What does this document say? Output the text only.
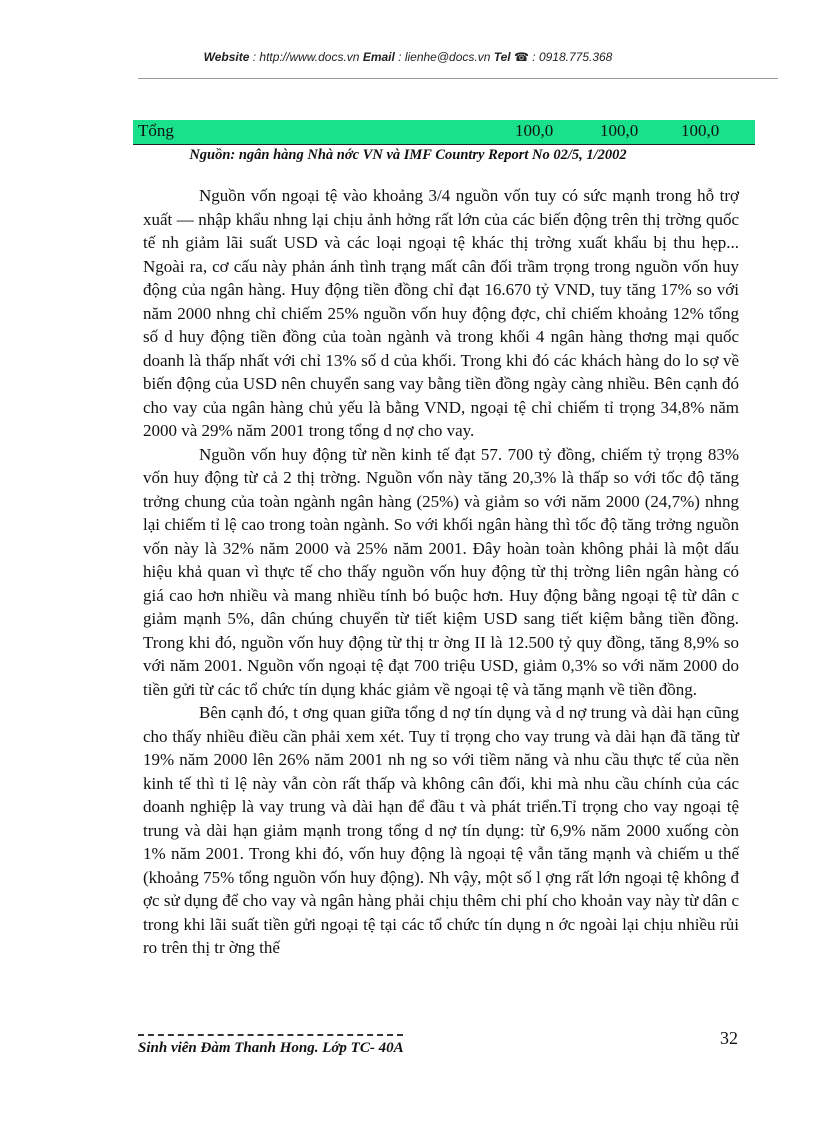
Website : http://www.docs.vn Email : lienhe@docs.vn Tel ☎ : 0918.775.368
Tổng	100,0	100,0	100,0
Nguồn: ngân hàng Nhà nớc VN và IMF Country Report No 02/5, 1/2002

Nguồn vốn ngoại tệ vào khoảng 3/4 nguồn vốn tuy có sức mạnh trong hỗ trợ xuất — nhập khẩu nhng lại chịu ảnh hởng rất lớn của các biến động trên thị trờng quốc tế nh giảm lãi suất USD và các loại ngoại tệ khác thị trờng xuất khẩu bị thu hẹp... Ngoài ra, cơ cấu này phản ánh tình trạng mất cân đối trầm trọng trong nguồn vốn huy động của ngân hàng. Huy động tiền đồng chỉ đạt 16.670 tỷ VND, tuy tăng 17% so với năm 2000 nhng chỉ chiếm 25% nguồn vốn huy động đợc, chỉ chiếm khoảng 12% tổng số d huy động tiền đồng của toàn ngành và trong khối 4 ngân hàng thơng mại quốc doanh là thấp nhất với chỉ 13% số d của khối. Trong khi đó các khách hàng do lo sợ về biến động của USD nên chuyển sang vay bằng tiền đồng ngày càng nhiều. Bên cạnh đó cho vay của ngân hàng chủ yếu là bằng VND, ngoại tệ chỉ chiếm tỉ trọng 34,8% năm 2000 và 29% năm 2001 trong tổng d nợ cho vay.

Nguồn vốn huy động từ nền kinh tế đạt 57. 700 tỷ đồng, chiếm tỷ trọng 83% vốn huy động từ cả 2 thị trờng. Nguồn vốn này tăng 20,3% là thấp so với tốc độ tăng trởng chung của toàn ngành ngân hàng (25%) và giảm so với năm 2000 (24,7%) nhng lại chiếm tỉ lệ cao trong toàn ngành. So với khối ngân hàng thì tốc độ tăng trởng nguồn vốn này là 32% năm 2000 và 25% năm 2001. Đây hoàn toàn không phải là một dấu hiệu khả quan vì thực tế cho thấy nguồn vốn huy động từ thị trờng liên ngân hàng có giá cao hơn nhiều và mang nhiều tính bó buộc hơn. Huy động bằng ngoại tệ từ dân c giảm mạnh 5%, dân chúng chuyển từ tiết kiệm USD sang tiết kiệm bằng tiền đồng. Trong khi đó, nguồn vốn huy động từ thị tr ờng II là 12.500 tỷ quy đồng, tăng 8,9% so với năm 2001. Nguồn vốn ngoại tệ đạt 700 triệu USD, giảm 0,3% so với năm 2000 do tiền gửi từ các tổ chức tín dụng khác giảm về ngoại tệ và tăng mạnh về tiền đồng.

Bên cạnh đó, t ơng quan giữa tổng d nợ tín dụng và d nợ trung và dài hạn cũng cho thấy nhiều điều cần phải xem xét. Tuy tỉ trọng cho vay trung và dài hạn đã tăng từ 19% năm 2000 lên 26% năm 2001 nh ng so với tiềm năng và nhu cầu thực tế của nền kinh tế thì tỉ lệ này vẫn còn rất thấp và không cân đối, khi mà nhu cầu chính của các doanh nghiệp là vay trung và dài hạn để đầu t và phát triển.Tỉ trọng cho vay ngoại tệ trung và dài hạn giảm mạnh trong tổng d nợ tín dụng: từ 6,9% năm 2000 xuống còn 1% năm 2001. Trong khi đó, vốn huy động là ngoại tệ vẫn tăng mạnh và chiếm u thế (khoảng 75% tổng nguồn vốn huy động). Nh vậy, một số l ợng rất lớn ngoại tệ không đ ợc sử dụng để cho vay và ngân hàng phải chịu thêm chi phí cho khoản vay này từ dân c trong khi lãi suất tiền gửi ngoại tệ tại các tổ chức tín dụng n ớc ngoài lại chịu nhiều rủi ro trên thị tr ờng thế

Sinh viên Đàm Thanh Hong. Lớp TC- 40A	32
